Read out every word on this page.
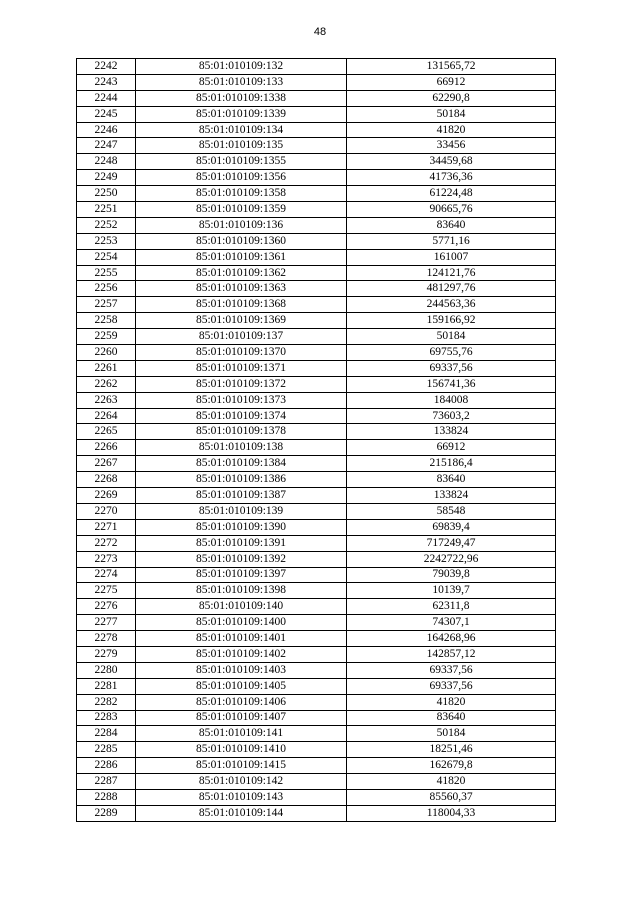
48
2242	85:01:010109:132	131565,72
2243	85:01:010109:133	66912
2244	85:01:010109:1338	62290,8
2245	85:01:010109:1339	50184
2246	85:01:010109:134	41820
2247	85:01:010109:135	33456
2248	85:01:010109:1355	34459,68
2249	85:01:010109:1356	41736,36
2250	85:01:010109:1358	61224,48
2251	85:01:010109:1359	90665,76
2252	85:01:010109:136	83640
2253	85:01:010109:1360	5771,16
2254	85:01:010109:1361	161007
2255	85:01:010109:1362	124121,76
2256	85:01:010109:1363	481297,76
2257	85:01:010109:1368	244563,36
2258	85:01:010109:1369	159166,92
2259	85:01:010109:137	50184
2260	85:01:010109:1370	69755,76
2261	85:01:010109:1371	69337,56
2262	85:01:010109:1372	156741,36
2263	85:01:010109:1373	184008
2264	85:01:010109:1374	73603,2
2265	85:01:010109:1378	133824
2266	85:01:010109:138	66912
2267	85:01:010109:1384	215186,4
2268	85:01:010109:1386	83640
2269	85:01:010109:1387	133824
2270	85:01:010109:139	58548
2271	85:01:010109:1390	69839,4
2272	85:01:010109:1391	717249,47
2273	85:01:010109:1392	2242722,96
2274	85:01:010109:1397	79039,8
2275	85:01:010109:1398	10139,7
2276	85:01:010109:140	62311,8
2277	85:01:010109:1400	74307,1
2278	85:01:010109:1401	164268,96
2279	85:01:010109:1402	142857,12
2280	85:01:010109:1403	69337,56
2281	85:01:010109:1405	69337,56
2282	85:01:010109:1406	41820
2283	85:01:010109:1407	83640
2284	85:01:010109:141	50184
2285	85:01:010109:1410	18251,46
2286	85:01:010109:1415	162679,8
2287	85:01:010109:142	41820
2288	85:01:010109:143	85560,37
2289	85:01:010109:144	118004,33
